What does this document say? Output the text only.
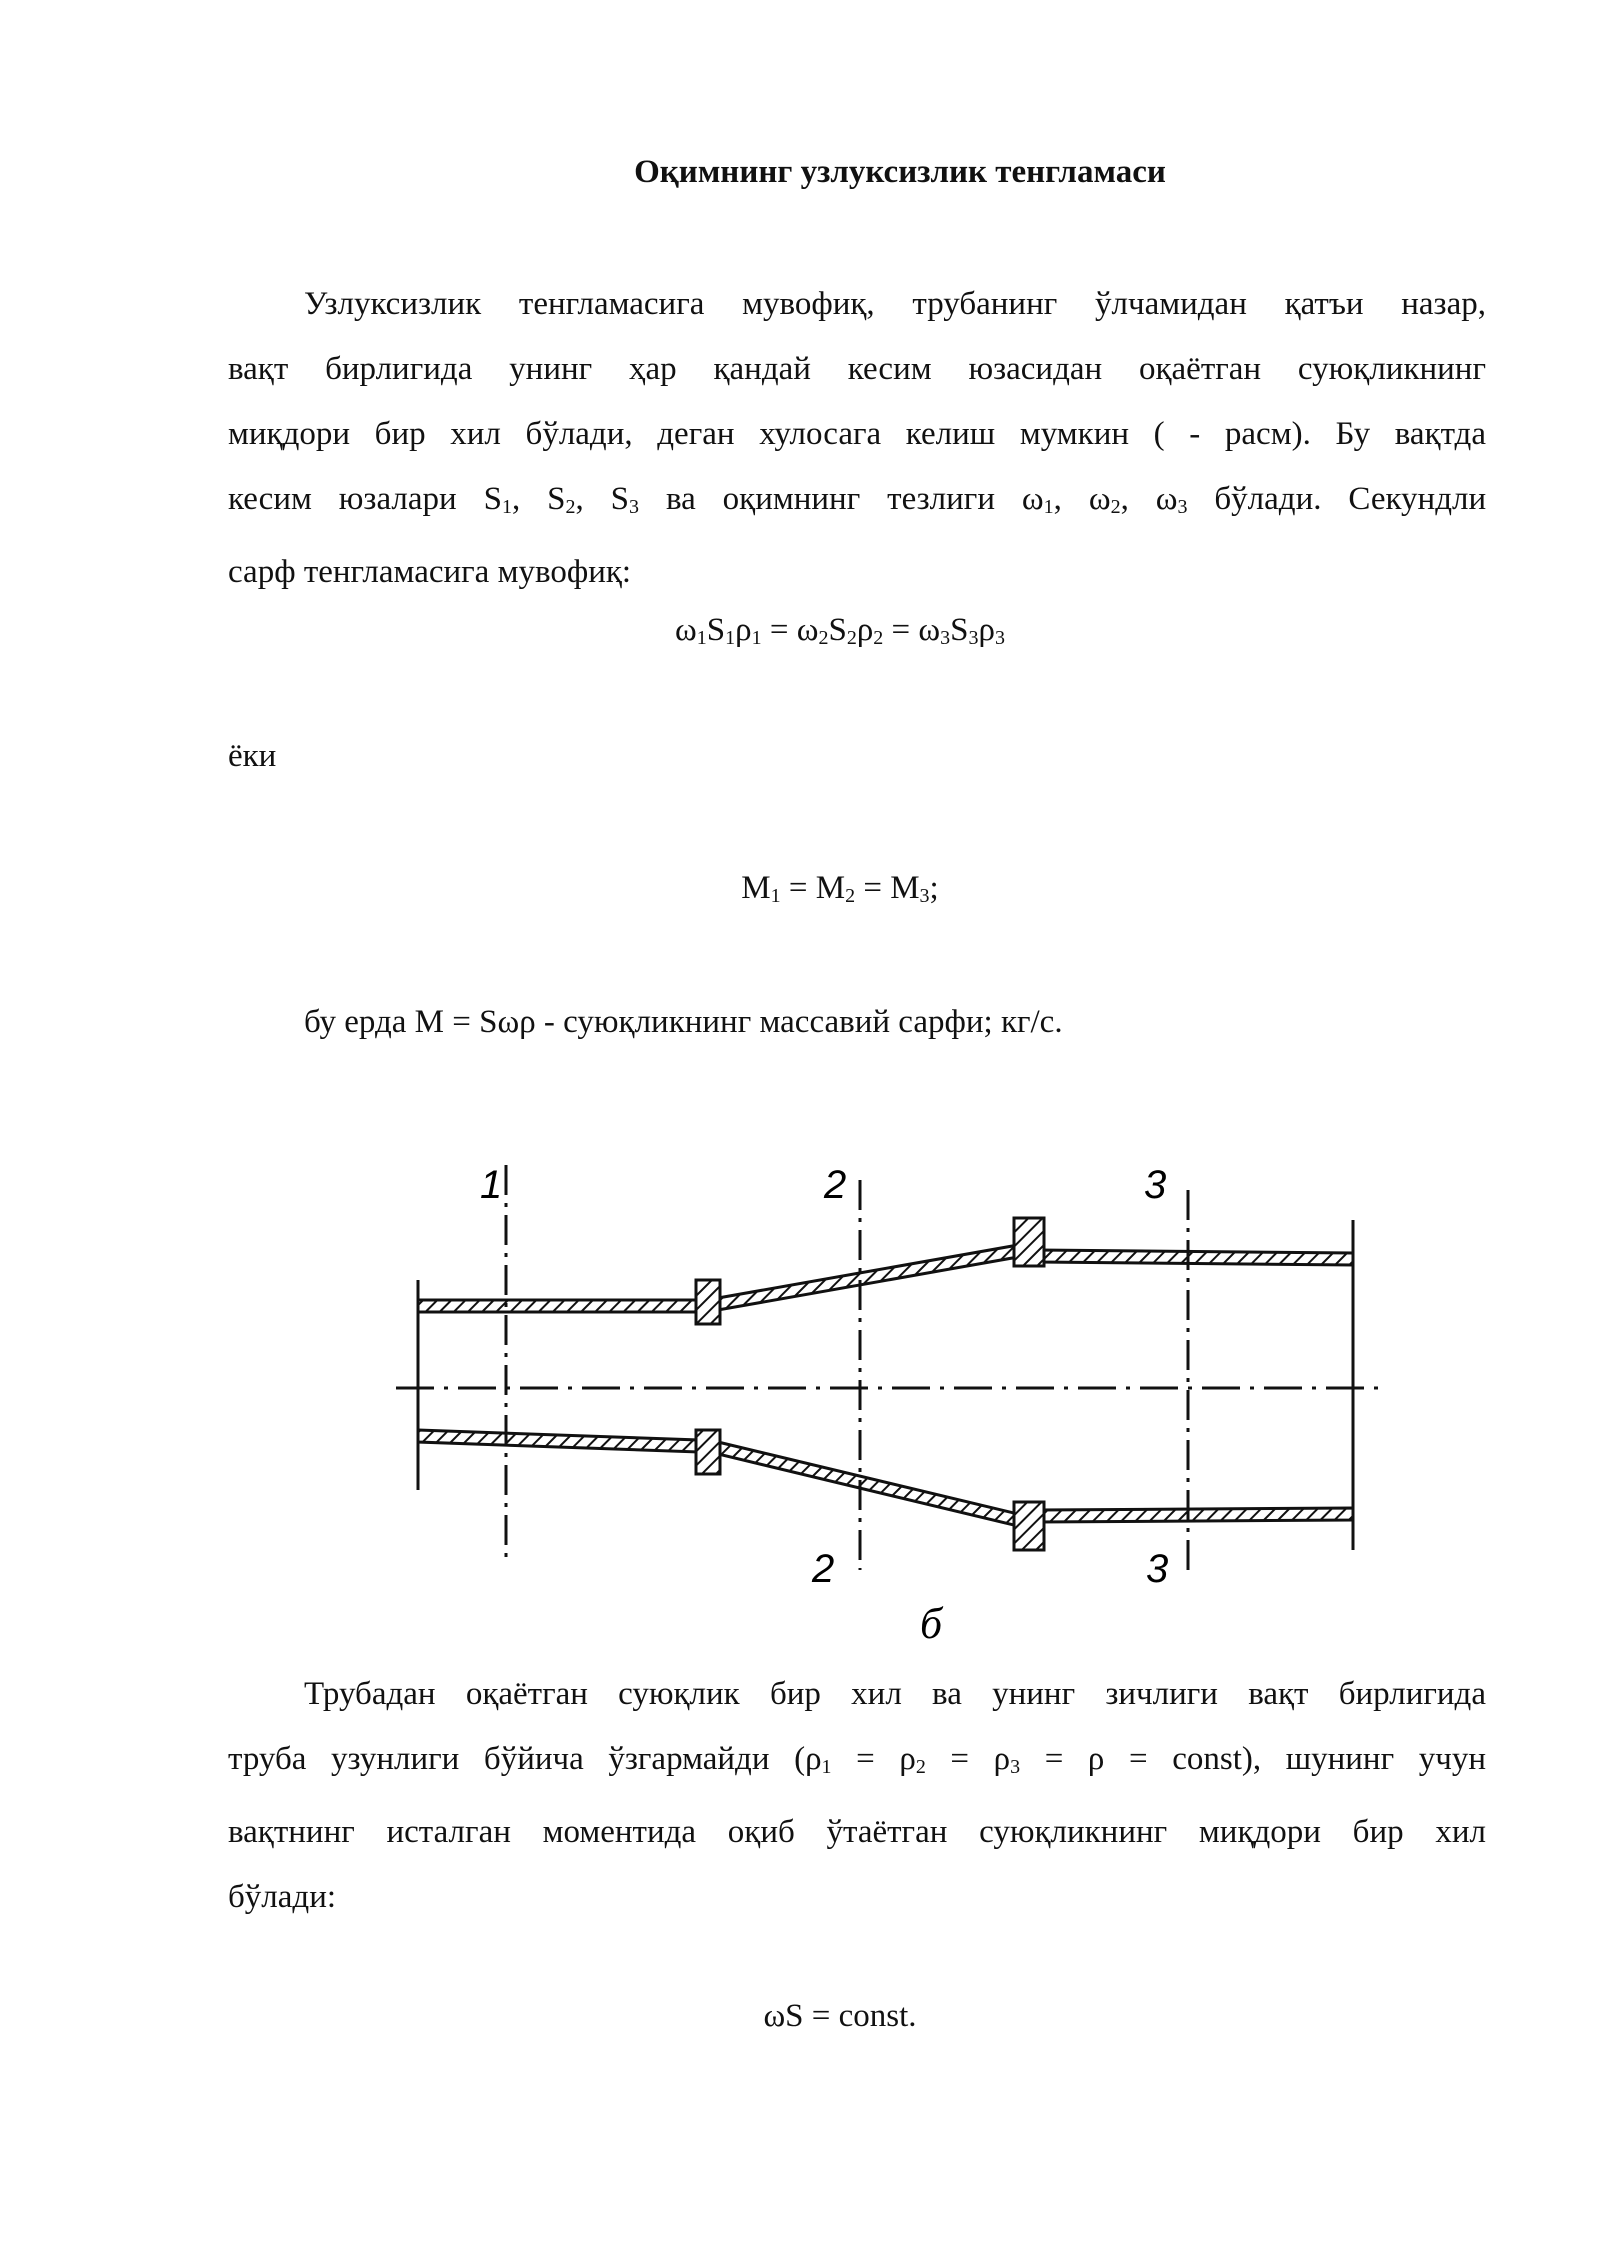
Оқимнинг узлуксизлик тенгламаси
Узлуксизлик тенгламасига мувофиқ, трубанинг ўлчамидан қатъи назар,
вақт бирлигида унинг ҳар қандай кесим юзасидан оқаётган суюқликнинг
миқдори бир хил бўлади, деган хулосага келиш мумкин ( - расм). Бу вақтда
кесим юзалари $S_1$, $S_2$, $S_3$ ва оқимнинг тезлиги $\omega_1$, $\omega_2$, $\omega_3$ бўлади. Секундли
сарф тенгламасига мувофиқ:
$\omega_1S_1\rho_1 = \omega_2S_2\rho_2 = \omega_3S_3\rho_3$
ёки
$M_1 = M_2 = M_3$;
бу ерда M = Sωρ - суюқликнинг массавий сарфи; кг/с.
1	2	3
2	3
б
Трубадан оқаётган суюқлик бир хил ва унинг зичлиги вақт бирлигида
труба узунлиги бўйича ўзгармайди ($\rho_1 = \rho_2 = \rho_3 = \rho$ = const), шунинг учун
вақтнинг исталган моментида оқиб ўтаётган суюқликнинг миқдори бир хил
бўлади:
ωS = const.
